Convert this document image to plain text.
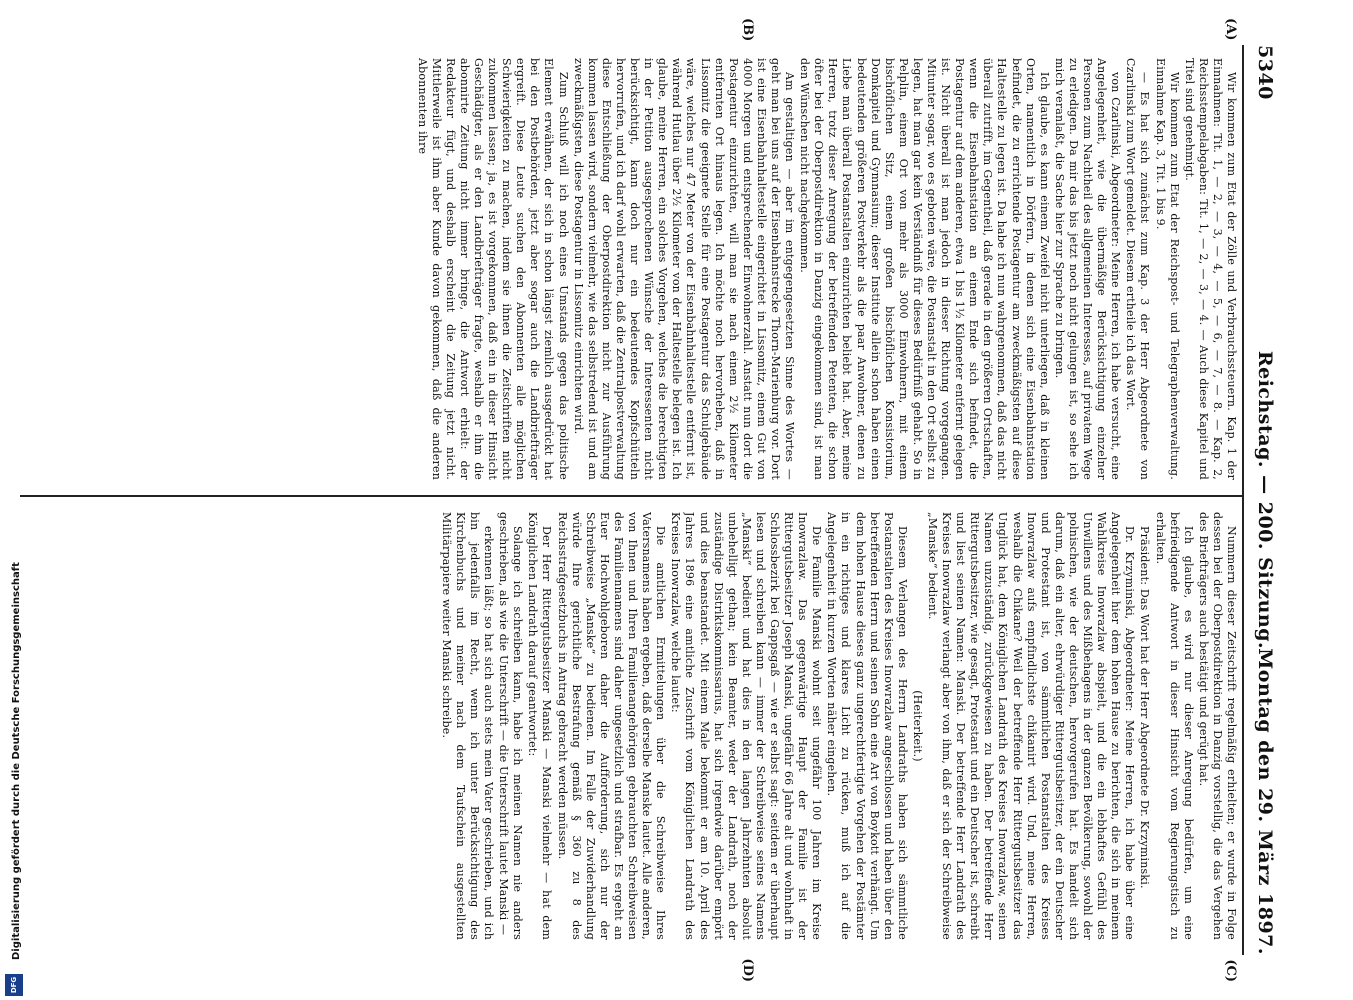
5340
Reichstag. — 200. Sitzung.
Montag den 29. März 1897.
(A)
(B)
(C)
(D)

Wir kommen zum Etat der Zölle und Verbrauchssteuern. Kap. 1 der Einnahmen: Tit. 1, — 2, — 3, — 4, — 5, — 6, — 7, — 8. — Kap. 2, Reichsstempelabgaben: Tit. 1, — 2, — 3, — 4. — Auch diese Kapitel und Titel sind genehmigt.

Wir kommen zum Etat der Reichspost- und Telegraphenverwaltung. Einnahme Kap. 3, Tit. 1 bis 9.

— Es hat sich zunächst zum Kap. 3 der Herr Abgeordnete von Czarlinski zum Wort gemeldet. Diesem ertheile ich das Wort.

von Czarlinski, Abgeordneter: Meine Herren, ich habe versucht, eine Angelegenheit, wie die übermäßige Berücksichtigung einzelner Personen zum Nachtheil des allgemeinen Interesses, auf privatem Wege zu erledigen. Da mir das bis jetzt noch nicht gelungen ist, so sehe ich mich veranlaßt, die Sache hier zur Sprache zu bringen.

Ich glaube, es kann einem Zweifel nicht unterliegen, daß in kleinen Orten, namentlich in Dörfern, in denen sich eine Eisenbahnstation befindet, die zu errichtende Postagentur am zweckmäßigsten auf diese Haltestelle zu legen ist. Da habe ich nun wahrgenommen, daß das nicht überall zutrifft, im Gegentheil, daß gerade in den größeren Ortschaften, wenn die Eisenbahnstation an einem Ende sich befindet, die Postagentur auf dem anderen, etwa 1 bis 1½ Kilometer entfernt gelegen ist. Nicht überall ist man jedoch in dieser Richtung vorgegangen. Mitunter sogar, wo es geboten wäre, die Postanstalt in den Ort selbst zu legen, hat man gar kein Verständniß für dieses Bedürfniß gehabt. So in Pelplin, einem Ort von mehr als 3000 Einwohnern, mit einem bischöflichen Sitz, einem großen bischöflichen Konsistorium, Domkapitel und Gymnasium; dieser Institute allein schon haben einen bedeutenden größeren Postverkehr als die paar Anwohner, denen zu Liebe man überall Postanstalten einzurichten beliebt hat. Aber, meine Herren, trotz dieser Anregung der betreffenden Petenten, die schon öfter bei der Oberpostdirektion in Danzig eingekommen sind, ist man den Wünschen nicht nachgekommen.

Am gestaltigen — aber im entgegengesetzten Sinne des Wortes — geht man bei uns auf der Eisenbahnstrecke Thorn-Marienburg vor. Dort ist eine Eisenbahnhaltestelle eingerichtet in Lissomitz, einem Gut von 4000 Morgen und entsprechender Einwohnerzahl. Anstatt nun dort die Postagentur einzurichten, will man sie nach einem 2½ Kilometer entfernten Ort hinaus legen. Ich möchte noch hervorheben, daß in Lissomitz die geeignete Stelle für eine Postagentur das Schulgebäude wäre, welches nur 47 Meter von der Eisenbahnhaltestelle entfernt ist, während Hutlau über 2½ Kilometer von der Haltestelle belegen ist. Ich glaube, meine Herren, ein solches Vorgehen, welches die berechtigten in der Petition ausgesprochenen Wünsche der Interessenten nicht berücksichtigt, kann doch nur ein bedeutendes Kopfschütteln hervorrufen, und ich darf wohl erwarten, daß die Zentralpostverwaltung diese Entschließung der Oberpostdirektion nicht zur Ausführung kommen lassen wird, sondern vielmehr, wie das selbstredend ist und am zweckmäßigsten, diese Postagentur in Lissomitz einrichten wird.

Zum Schluß will ich noch eines Umstands gegen das politische Element erwähnen, der sich in schon längst ziemlich ausgedrückt hat bei den Postbehörden, jetzt aber sogar auch die Landbriefträger ergreift. Diese Leute suchen den Abonnenten alle möglichen Schwierigkeiten zu machen, indem sie ihnen die Zeitschriften nicht zukommen lassen; ja, es ist vorgekommen, daß ein in dieser Hinsicht Geschädigter, als er den Landbriefträger fragte, weshalb er ihm die abonnirte Zeitung nicht immer bringe, die Antwort erhielt: der Redakteur fügt, und deshalb erscheint die Zeitung jetzt nicht. Mittlerweile ist ihm aber Kunde davon gekommen, daß die anderen Abonnenten ihre

Nummern dieser Zeitschrift regelmäßig erhielten; er wurde in Folge dessen bei der Oberpostdirektion in Danzig vorstellig, die das Vergehen des Briefträgers auch bestätigt und gerügt hat.

Ich glaube, es wird nur dieser Anregung bedürfen, um eine befriedigende Antwort in dieser Hinsicht vom Regierungstisch zu erhalten.

Präsident: Das Wort hat der Herr Abgeordnete Dr. Krzyminski.

Dr. Krzyminski, Abgeordneter: Meine Herren, ich habe über eine Angelegenheit hier dem hohen Hause zu berichten, die sich in meinem Wahlkreise Inowrazlaw abspielt, und die ein lebhaftes Gefühl des Unwillens und des Mißbehagens in der ganzen Bevölkerung, sowohl der polnischen, wie der deutschen, hervorgerufen hat. Es handelt sich darum, daß ein alter, ehrwürdiger Rittergutsbesitzer, der ein Deutscher und Protestant ist, von sämmtlichen Postanstalten des Kreises Inowrazlaw aufs empfindlichste chikanirt wird. Und, meine Herren, weshalb die Chikane? Weil der betreffende Herr Rittergutsbesitzer das Unglück hat, dem Königlichen Landrath des Kreises Inowrazlaw, seinen Namen unzuständig, zurückgewiesen zu haben. Der betreffende Herr Rittergutsbesitzer, wie gesagt, Protestant und ein Deutscher ist, schreibt und liest seinen Namen: Manski. Der betreffende Herr Landrath des Kreises Inowrazlaw verlangt aber von ihm, daß er sich der Schreibweise „Manske“ bedient.

(Heiterkeit.)

Diesem Verlangen des Herrn Landraths haben sich sämmtliche Postanstalten des Kreises Inowrazlaw angeschlossen und haben über den betreffenden Herrn und seinen Sohn eine Art von Boykott verhängt. Um dem hohen Hause dieses ganz ungerechtfertigte Vorgehen der Postämter in ein richtiges und klares Licht zu rücken, muß ich auf die Angelegenheit in kurzen Worten näher eingehen.

Die Familie Manski wohnt seit ungefähr 100 Jahren im Kreise Inowrazlaw. Das gegenwärtige Haupt der Familie ist der Rittergutsbesitzer Joseph Manski, ungefähr 66 Jahre alt und wohnhaft in Schlossbezirk bei Gappsgaß — wie er selbst sagt: seitdem er überhaupt lesen und schreiben kann — immer der Schreibweise seines Namens „Manski“ bedient und hat dies in den langen Jahrzehnten absolut unbehelligt gethan; kein Beamter, weder der Landrath, noch der zuständige Distriktskommissarius, hat sich irgendwie darüber empört und dies beanstandet. Mit einem Male bekommt er am 10. April des Jahres 1896 eine amtliche Zuschrift vom Königlichen Landrath des Kreises Inowrazlaw, welche lautet:

Die amtlichen Ermittelungen über die Schreibweise Ihres Vatersnamens haben ergeben, daß derselbe Manske lautet. Alle anderen, von Ihnen und Ihren Familienangehörigen gebrauchten Schreibweisen des Familiennamens sind daher ungesetzlich und strafbar. Es ergeht an Euer Hochwohlgeboren daher die Aufforderung, sich nur der Schreibweise „Manske“ zu bedienen. Im Falle der Zuwiderhandlung würde Ihre gerichtliche Bestrafung gemäß § 360 zu 8 des Reichsstrafgesetzbuchs in Antrag gebracht werden müssen.

Der Herr Rittergutsbesitzer Manski — Manski vielmehr — hat dem Königlichen Landrath darauf geantwortet:

Solange ich schreiben kann, habe ich meinen Namen nie anders geschrieben, als wie die Unterschrift — die Unterschrift lautet Manski —

erkennen läßt; so hat sich auch stets mein Vater geschrieben, und ich bin jedenfalls im Recht, wenn ich unter Berücksichtigung des Kirchenbuchs und meiner nach dem Taufschein ausgestellten Militärpapiere weiter Manski schreibe.

Digitalisierung gefördert durch die Deutsche Forschungsgemeinschaft
DFG
